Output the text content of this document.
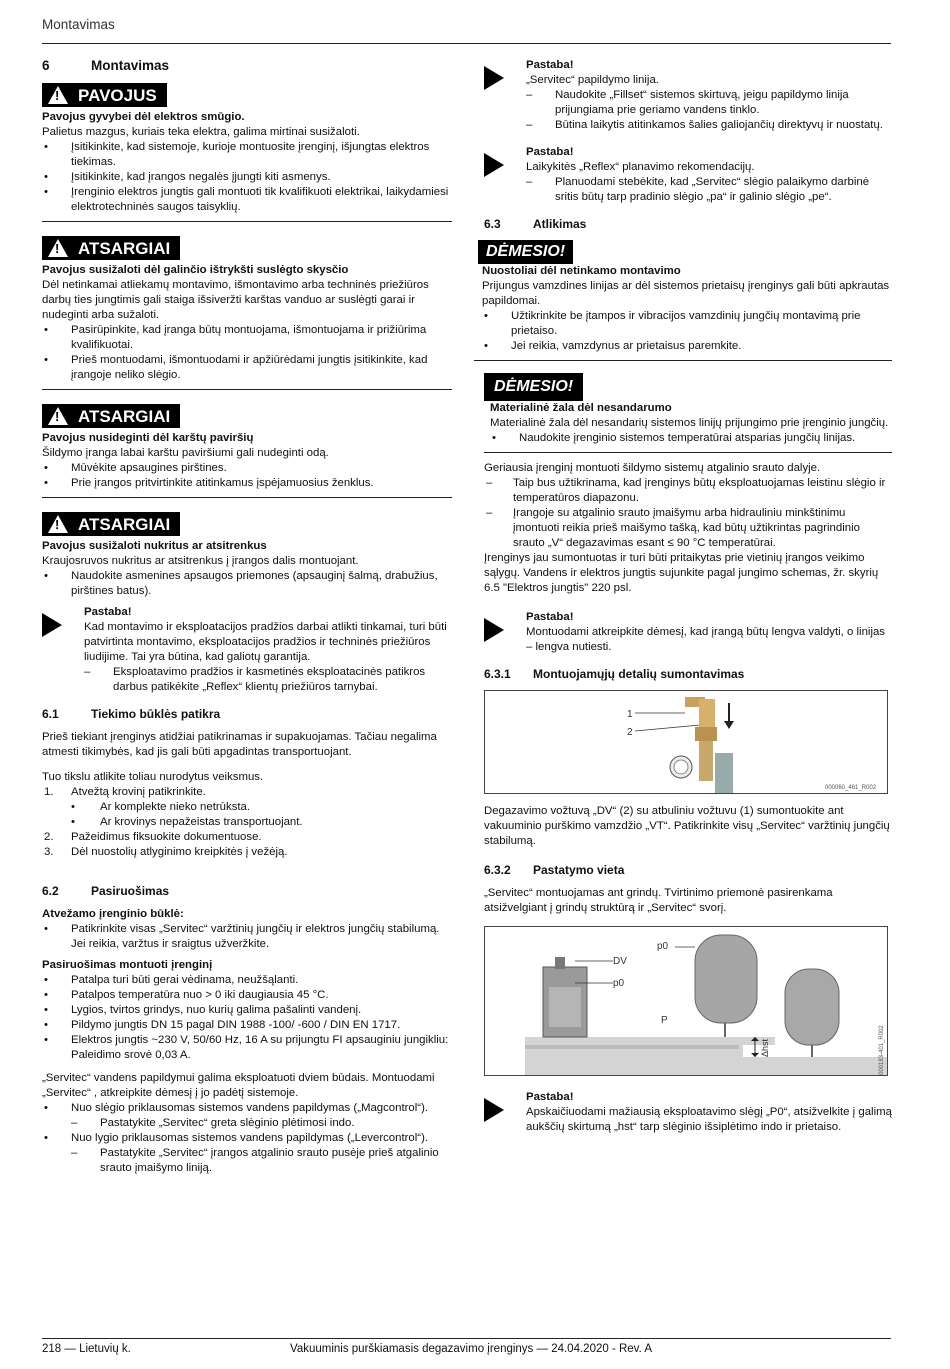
Montavimas
6	Montavimas
!
PAVOJUS
Pavojus gyvybei dėl elektros smūgio.
Palietus mazgus, kuriais teka elektra, galima mirtinai susižaloti.
•	Įsitikinkite, kad sistemoje, kurioje montuosite įrenginį, išjungtas elektros tiekimas.
•	Įsitikinkite, kad įrangos negalės įjungti kiti asmenys.
•	Įrenginio elektros jungtis gali montuoti tik kvalifikuoti elektrikai, laikydamiesi elektrotechninės saugos taisyklių.
!
ATSARGIAI
Pavojus susižaloti dėl galinčio ištrykšti suslėgto skysčio
Dėl netinkamai atliekamų montavimo, išmontavimo arba techninės priežiūros darbų ties jungtimis gali staiga išsiveržti karštas vanduo ar suslėgti garai ir nudeginti arba sužaloti.
•	Pasirūpinkite, kad įranga būtų montuojama, išmontuojama ir prižiūrima kvalifikuotai.
•	Prieš montuodami, išmontuodami ir apžiūrėdami jungtis įsitikinkite, kad įrangoje neliko slėgio.
!
ATSARGIAI
Pavojus nusideginti dėl karštų paviršių
Šildymo įranga labai karštu paviršiumi gali nudeginti odą.
•	Mūvėkite apsaugines pirštines.
•	Prie įrangos pritvirtinkite atitinkamus įspėjamuosius ženklus.
!
ATSARGIAI
Pavojus susižaloti nukritus ar atsitrenkus
Kraujosruvos nukritus ar atsitrenkus į įrangos dalis montuojant.
•	Naudokite asmenines apsaugos priemones (apsauginį šalmą, drabužius, pirštines batus).
Pastaba!
Kad montavimo ir eksploatacijos pradžios darbai atlikti tinkamai, turi būti patvirtinta montavimo, eksploatacijos pradžios ir techninės priežiūros liudijime. Tai yra būtina, kad galiotų garantija.
–	Eksploatavimo pradžios ir kasmetinės eksploatacinės patikros darbus patikėkite „Reflex“ klientų priežiūros tarnybai.
6.1	Tiekimo būklės patikra
Prieš tiekiant įrenginys atidžiai patikrinamas ir supakuojamas. Tačiau negalima atmesti tikimybės, kad jis gali būti apgadintas transportuojant.
Tuo tikslu atlikite toliau nurodytus veiksmus.
1.	Atvežtą krovinį patikrinkite.
•	Ar komplekte nieko netrūksta.
•	Ar krovinys nepažeistas transportuojant.
2.	Pažeidimus fiksuokite dokumentuose.
3.	Dėl nuostolių atlyginimo kreipkitės į vežėją.
6.2	Pasiruošimas
Atvežamo įrenginio būklė:
•	Patikrinkite visas „Servitec“ varžtinių jungčių ir elektros jungčių stabilumą. Jei reikia, varžtus ir sraigtus užveržkite.
Pasiruošimas montuoti įrenginį
•	Patalpa turi būti gerai vėdinama, neužšąlanti.
•	Patalpos temperatūra nuo > 0 iki daugiausia 45 °C.
•	Lygios, tvirtos grindys, nuo kurių galima pašalinti vandenį.
•	Pildymo jungtis DN 15 pagal DIN 1988 -100/ -600 / DIN EN 1717.
•	Elektros jungtis ~230 V, 50/60 Hz, 16 A su prijungtu FI apsauginiu jungikliu: Paleidimo srovė 0,03 A.
„Servitec“ vandens papildymui galima eksploatuoti dviem būdais. Montuodami „Servitec“ , atkreipkite dėmesį į jo padėtį sistemoje.
•	Nuo slėgio priklausomas sistemos vandens papildymas („Magcontrol“).
–	Pastatykite „Servitec“ greta slėginio plėtimosi indo.
•	Nuo lygio priklausomas sistemos vandens papildymas („Levercontrol“).
–	Pastatykite „Servitec“ įrangos atgalinio srauto pusėje prieš atgalinio srauto įmaišymo liniją.
Pastaba!
„Servitec“ papildymo linija.
–	Naudokite „Fillset“ sistemos skirtuvą, jeigu papildymo linija prijungiama prie geriamo vandens tinklo.
–	Būtina laikytis atitinkamos šalies galiojančių direktyvų ir nuostatų.
Pastaba!
Laikykitės „Reflex“ planavimo rekomendacijų.
–	Planuodami stebėkite, kad „Servitec“ slėgio palaikymo darbinė sritis būtų tarp pradinio slėgio „pa“ ir galinio slėgio „pe“.
6.3	Atlikimas
DĖMESIO!
Nuostoliai dėl netinkamo montavimo
Prijungus vamzdines linijas ar dėl sistemos prietaisų įrenginys gali būti apkrautas papildomai.
•	Užtikrinkite be įtampos ir vibracijos vamzdinių jungčių montavimą prie prietaiso.
•	Jei reikia, vamzdynus ar prietaisus paremkite.
DĖMESIO!
Materialinė žala dėl nesandarumo
Materialinė žala dėl nesandarių sistemos linijų prijungimo prie įrenginio jungčių.
•	Naudokite įrenginio sistemos temperatūrai atsparias jungčių linijas.
Geriausia įrenginį montuoti šildymo sistemų atgalinio srauto dalyje.
–	Taip bus užtikrinama, kad įrenginys būtų eksploatuojamas leistinu slėgio ir temperatūros diapazonu.
–	Įrangoje su atgalinio srauto įmaišymu arba hidrauliniu minkštinimu įmontuoti reikia prieš maišymo tašką, kad būtų užtikrintas pagrindinio srauto „V“ degazavimas esant ≤ 90 °C temperatūrai.
Įrenginys jau sumontuotas ir turi būti pritaikytas prie vietinių įrangos veikimo sąlygų. Vandens ir elektros jungtis sujunkite pagal jungimo schemas, žr. skyrių 6.5 "Elektros jungtis" 220 psl.
Pastaba!
Montuodami atkreipkite dėmesį, kad įrangą būtų lengva valdyti, o linijas – lengva nutiesti.
6.3.1	Montuojamųjų detalių sumontavimas
1
2
000060_461_R002
Degazavimo vožtuvą „DV“ (2) su atbuliniu vožtuvu (1) sumontuokite ant vakuuminio purškimo vamzdžio „VT“. Patikrinkite visų „Servitec“ varžtinių jungčių stabilumą.
6.3.2	Pastatymo vieta
„Servitec“ montuojamas ant grindų. Tvirtinimo priemonė pasirenkama atsižvelgiant į grindų struktūrą ir „Servitec“ svorį.
DV
p0
p0
P
Δhst	000183-401_R002
Pastaba!
Apskaičiuodami mažiausią eksploatavimo slėgį „P0“, atsižvelkite į galimą aukščių skirtumą „hst“ tarp slėginio išsiplėtimo indo ir prietaiso.
218 — Lietuvių k.	Vakuuminis purškiamasis degazavimo įrenginys — 24.04.2020 - Rev. A
